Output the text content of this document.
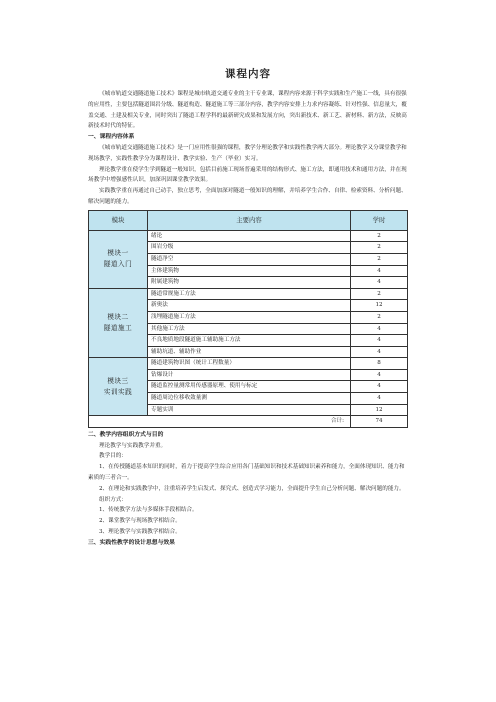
课程内容

《城市轨道交通隧道施工技术》课程是城市轨道交通专业的主干专业课，课程内容来源于科学实践和生产施工一线，具有很强的应用性，主要包括隧道围岩分级、隧道构造、隧道施工等三部分内容，教学内容安排上力求内容凝练、针对性强、信息量大，覆盖交通、土建及相关专业，同时突出了隧道工程学科的最新研究成果和发展方向，突出新技术、新工艺、新材料、新方法，反映高新技术时代的特征。

一、课程内容体系

《城市轨道交通隧道施工技术》是一门应用性很强的课程，教学分理论教学和实践性教学两大部分。理论教学又分课堂教学和现场教学，实践性教学分为课程设计、教学实验、生产（毕业）实习。

理论教学重在使学生学到隧道一般知识，包括目前施工现场普遍采用的结构形式、施工方法，即通用技术和通用方法，并在现场教学中增强感性认识，加深巩固课堂教学效果。

实践教学重在再通过自己动手，独立思考，全面加深对隧道一般知识的理解，并培养学生合作、自律、检索资料、分析问题、解决问题的能力。

模块	主要内容	学时
模块一
隧道入门	绪论	2
	围岩分级	2
	隧道净空	2
	主体建筑物	4
	附属建筑物	4
模块二
隧道施工	隧道常规施工方法	2
	新奥法	12
	浅埋隧道施工方法	2
	其他施工方法	4
	不良地质地段隧道施工辅助施工方法	4
	辅助坑道、辅助作业	4
模块三
实训实践	隧道建筑物识图（统计工程数量）	8
	钻爆设计	4
	隧道监控量测常用传感器原理、使用与标定	4
	隧道周边位移收敛量测	4
	专题实训	12
合计:		74

二、教学内容组织方式与目的

理论教学与实践教学并重。

教学目的：

1、在传授隧道基本知识的同时，着力于提高学生综合应用各门基础知识和技术基础知识素养和能力，全面体现知识、能力和素质的三者合一。

2、在理论和实践教学中，注重培养学生启发式、探究式、创造式学习能力，全面提升学生自己分析问题、解决问题的能力。

组织方式：

1、传统教学方法与多媒体手段相结合。

2、课堂教学与现场教学相结合。

3、理论教学与实践教学相结合。

三、实践性教学的设计思想与效果
